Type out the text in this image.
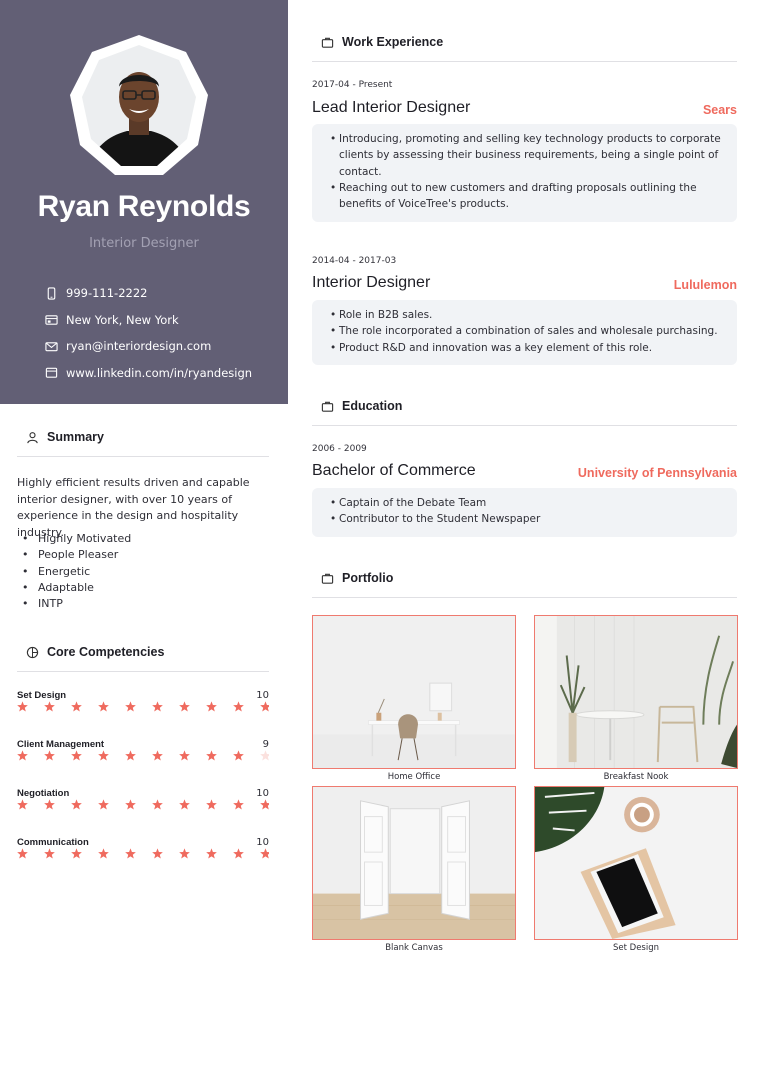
Ryan Reynolds
Interior Designer
999-111-2222
New York, New York
ryan@interiordesign.com
www.linkedin.com/in/ryandesign
Summary
Highly efficient results driven and capable interior designer, with over 10 years of experience in the design and hospitality industry.
• Highly Motivated
• People Pleaser
• Energetic
• Adaptable
• INTP
Core Competencies
Set Design	10
Client Management	9
Negotiation	10
Communication	10
Work Experience
2017-04 - Present
Lead Interior Designer	Sears
• Introducing, promoting and selling key technology products to corporate clients by assessing their business requirements, being a single point of contact.
• Reaching out to new customers and drafting proposals outlining the benefits of VoiceTree's products.
2014-04 - 2017-03
Interior Designer	Lululemon
• Role in B2B sales.
• The role incorporated a combination of sales and wholesale purchasing.
• Product R&D and innovation was a key element of this role.
Education
2006 - 2009
Bachelor of Commerce	University of Pennsylvania
• Captain of the Debate Team
• Contributor to the Student Newspaper
Portfolio
Home Office	Breakfast Nook
Blank Canvas	Set Design
